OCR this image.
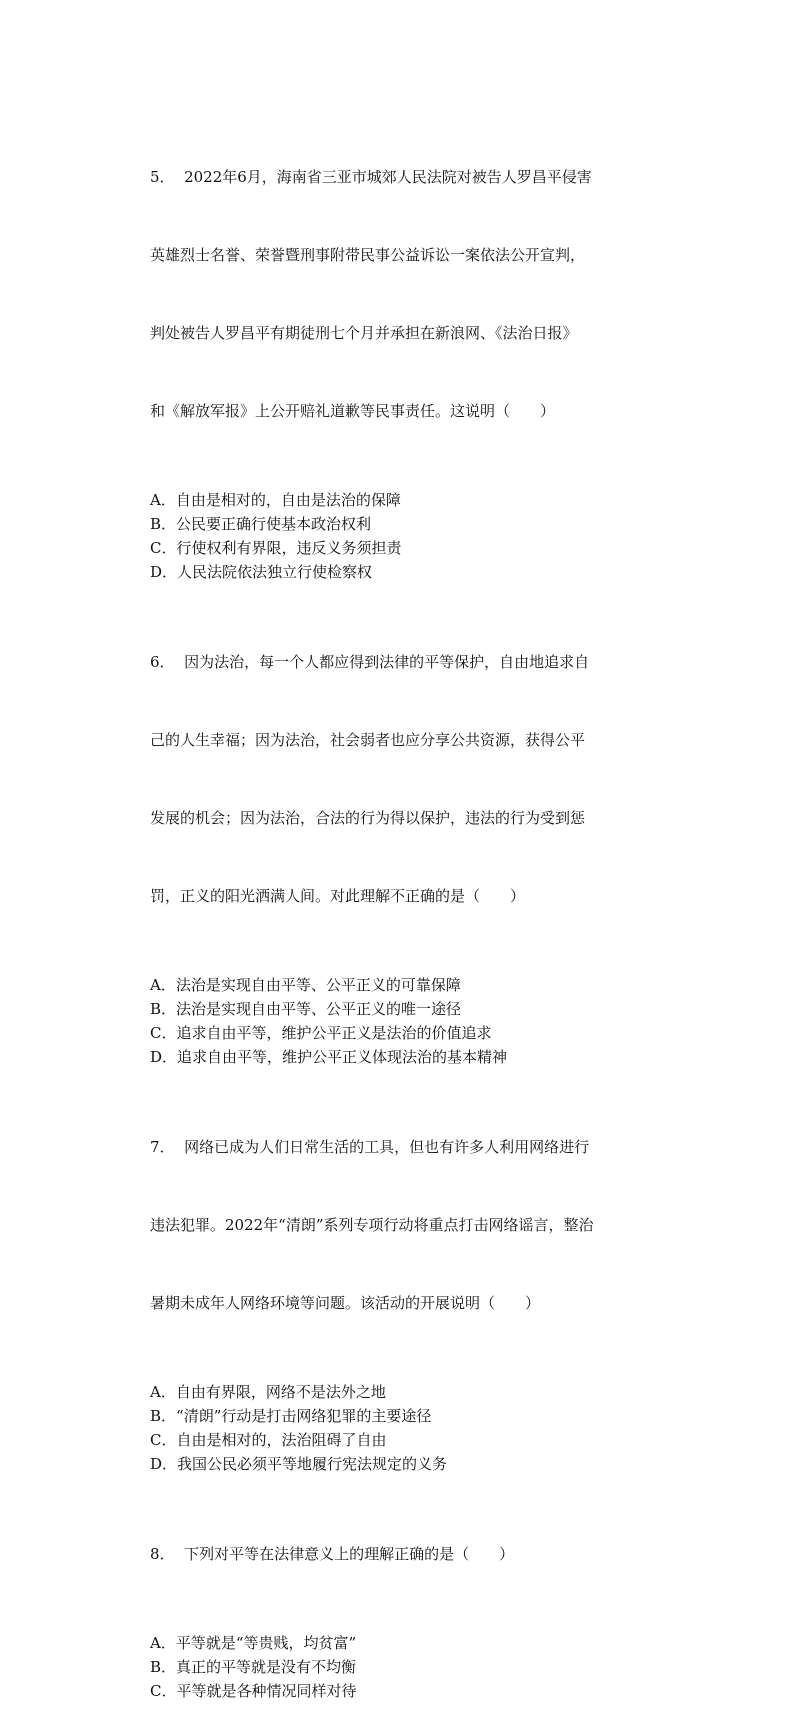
5．  2022年6月，海南省三亚市城郊人民法院对被告人罗昌平侵害

英雄烈士名誉、荣誉暨刑事附带民事公益诉讼一案依法公开宣判，

判处被告人罗昌平有期徒刑七个月并承担在新浪网、《法治日报》

和《解放军报》上公开赔礼道歉等民事责任。这说明（　　）

A．自由是相对的，自由是法治的保障
B．公民要正确行使基本政治权利
C．行使权利有界限，违反义务须担责
D．人民法院依法独立行使检察权

6．  因为法治，每一个人都应得到法律的平等保护，自由地追求自

己的人生幸福；因为法治，社会弱者也应分享公共资源，获得公平

发展的机会；因为法治，合法的行为得以保护，违法的行为受到惩

罚，正义的阳光洒满人间。对此理解不正确的是（　　）

A．法治是实现自由平等、公平正义的可靠保障
B．法治是实现自由平等、公平正义的唯一途径
C．追求自由平等，维护公平正义是法治的价值追求
D．追求自由平等，维护公平正义体现法治的基本精神

7．  网络已成为人们日常生活的工具，但也有许多人利用网络进行

违法犯罪。2022年“清朗”系列专项行动将重点打击网络谣言，整治

暑期未成年人网络环境等问题。该活动的开展说明（　　）

A．自由有界限，网络不是法外之地
B．“清朗”行动是打击网络犯罪的主要途径
C．自由是相对的，法治阻碍了自由
D．我国公民必须平等地履行宪法规定的义务

8．  下列对平等在法律意义上的理解正确的是（　　）

A．平等就是“等贵贱，均贫富”
B．真正的平等就是没有不均衡
C．平等就是各种情况同样对待
